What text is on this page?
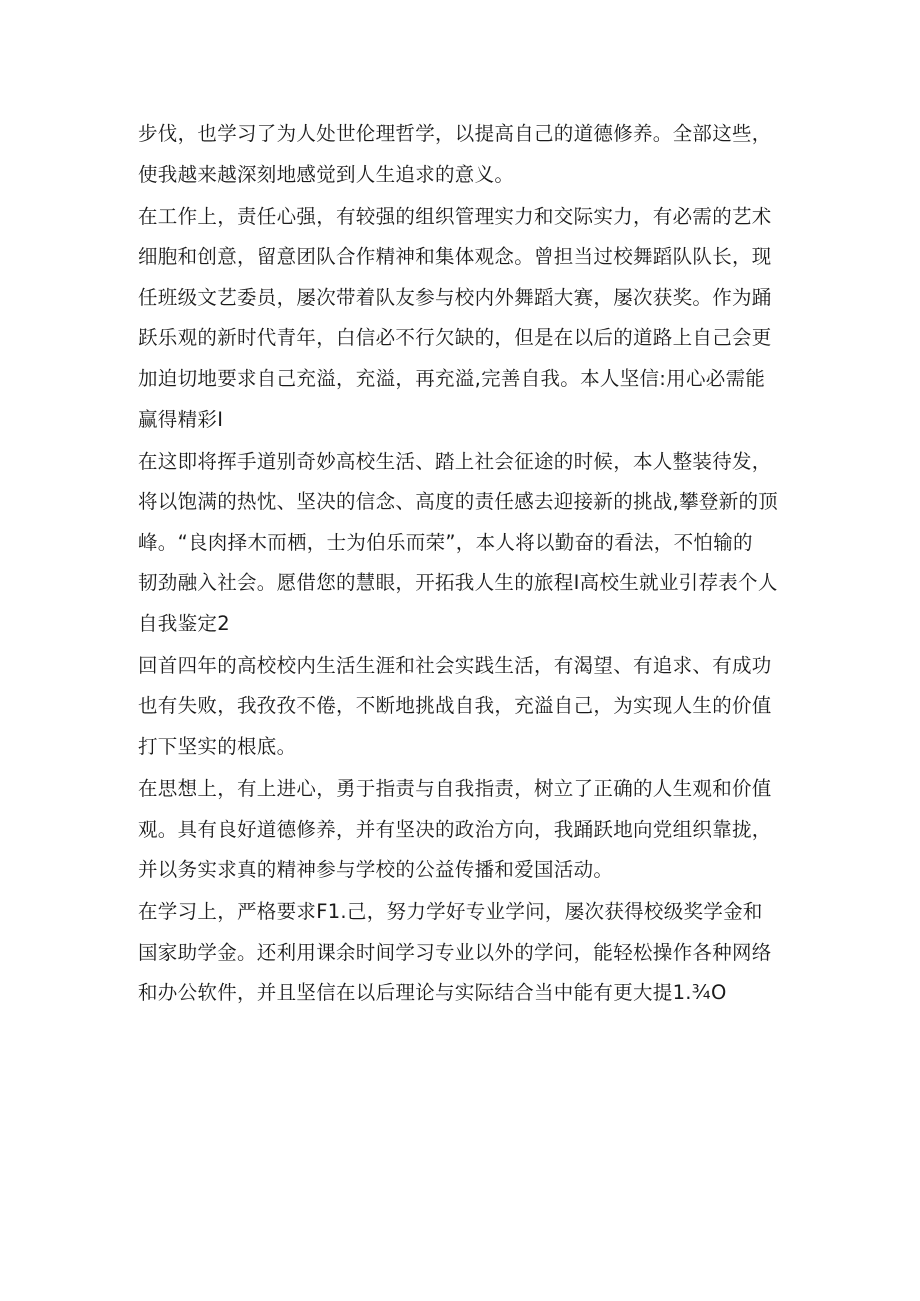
步伐，也学习了为人处世伦理哲学，以提高自己的道德修养。全部这些，
使我越来越深刻地感觉到人生追求的意义。
在工作上，责任心强，有较强的组织管理实力和交际实力，有必需的艺术
细胞和创意，留意团队合作精神和集体观念。曾担当过校舞蹈队队长，现
任班级文艺委员，屡次带着队友参与校内外舞蹈大赛，屡次获奖。作为踊
跃乐观的新时代青年，白信必不行欠缺的，但是在以后的道路上自己会更
加迫切地要求自己充溢，充溢，再充溢,完善自我。本人坚信:用心必需能
赢得精彩I
在这即将挥手道别奇妙高校生活、踏上社会征途的时候，本人整装待发，
将以饱满的热忱、坚决的信念、高度的责任感去迎接新的挑战,攀登新的顶
峰。“良肉择木而栖，士为伯乐而荣”，本人将以勤奋的看法，不怕输的
韧劲融入社会。愿借您的慧眼，开拓我人生的旅程I高校生就业引荐表个人
自我鉴定2
回首四年的高校校内生活生涯和社会实践生活，有渴望、有追求、有成功
也有失败，我孜孜不倦，不断地挑战自我，充溢自己，为实现人生的价值
打下坚实的根底。
在思想上，有上进心，勇于指责与自我指责，树立了正确的人生观和价值
观。具有良好道德修养，并有坚决的政治方向，我踊跃地向党组织靠拢，
并以务实求真的精神参与学校的公益传播和爱国活动。
在学习上，严格要求F1.己，努力学好专业学问，屡次获得校级奖学金和
国家助学金。还利用课余时间学习专业以外的学问，能轻松操作各种网络
和办公软件，并且坚信在以后理论与实际结合当中能有更大提1.¾O
